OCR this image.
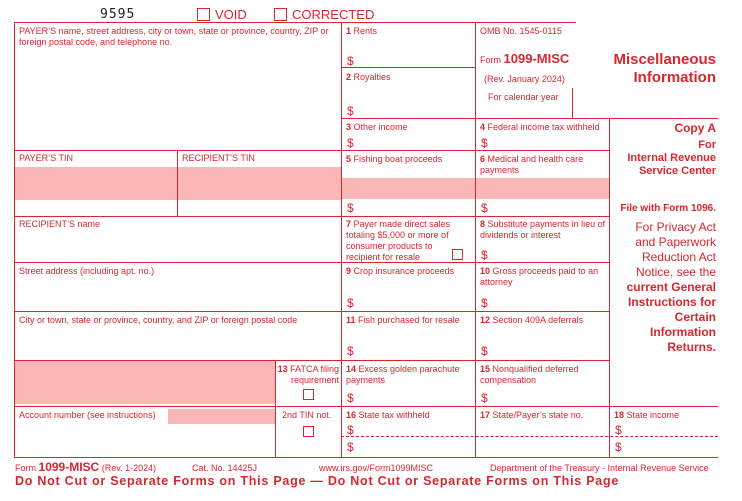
9595	VOID	CORRECTED
PAYER’S name, street address, city or town, state or province, country, ZIP or foreign postal code, and telephone no.
PAYER’S TIN	RECIPIENT’S TIN
RECIPIENT’S name
Street address (including apt. no.)
City or town, state or province, country, and ZIP or foreign postal code
Account number (see instructions)
13 FATCA filing requirement
2nd TIN not.
1 Rents
$
2 Royalties
$
3 Other income
$
5 Fishing boat proceeds
$
7 Payer made direct sales totaling $5,000 or more of consumer products to recipient for resale
9 Crop insurance proceeds
$
11 Fish purchased for resale
$
14 Excess golden parachute payments
$
16 State tax withheld
$
$
OMB No. 1545-0115
Form 1099-MISC
(Rev. January 2024)
For calendar year
Miscellaneous
Information
4 Federal income tax withheld
$
6 Medical and health care payments
$
8 Substitute payments in lieu of dividends or interest
$
10 Gross proceeds paid to an attorney
$
12 Section 409A deferrals
$
15 Nonqualified deferred compensation
$
17 State/Payer’s state no.	18 State income
$
$
Copy A
For
Internal Revenue
Service Center
File with Form 1096.
For Privacy Act
and Paperwork
Reduction Act
Notice, see the
current General
Instructions for
Certain
Information
Returns.
Form 1099-MISC (Rev. 1-2024)	Cat. No. 14425J	www.irs.gov/Form1099MISC	Department of the Treasury - Internal Revenue Service
Do Not Cut or Separate Forms on This Page — Do Not Cut or Separate Forms on This Page
